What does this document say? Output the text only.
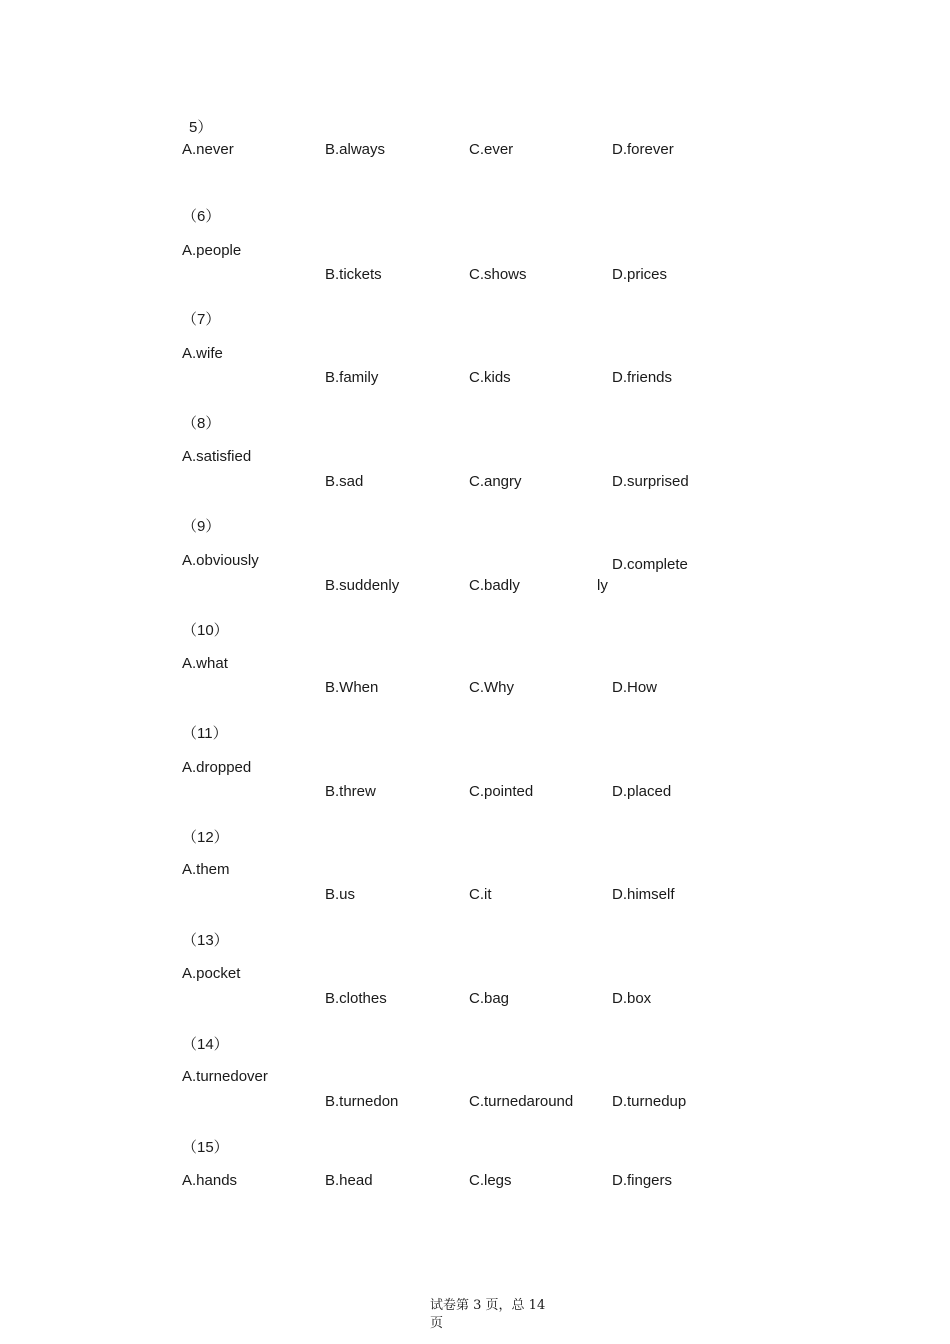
5）
A.never	B.always	C.ever	D.forever
（6）
A.people
B.tickets	C.shows	D.prices
（7）
A.wife
B.family	C.kids	D.friends
（8）
A.satisfied
B.sad	C.angry	D.surprised
（9）
A.obviously
B.suddenly	C.badly
D.complete
ly
（10）
A.what
B.When	C.Why	D.How
（11）
A.dropped
B.threw	C.pointed	D.placed
（12）
A.them
B.us	C.it	D.himself
（13）
A.pocket
B.clothes	C.bag	D.box
（14）
A.turnedover
B.turnedon	C.turnedaround	D.turnedup
（15）
A.hands	B.head	C.legs	D.fingers
试卷第 3 页，总 14
页
